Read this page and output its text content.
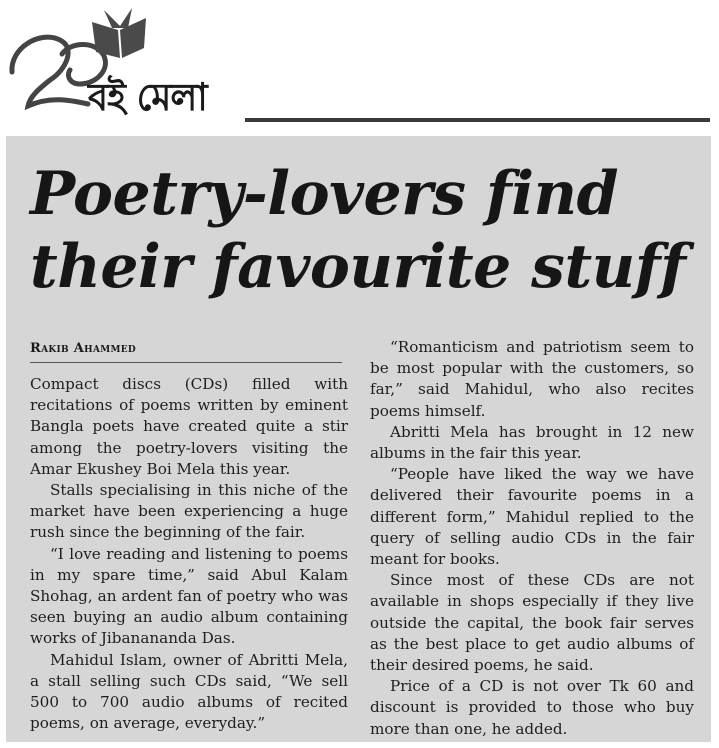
বই মেলা
Poetry-lovers find
their favourite stuff
Rakib Ahammed

Compact discs (CDs) filled with recitations of poems written by eminent Bangla poets have created quite a stir among the poetry-lovers visiting the Amar Ekushey Boi Mela this year.

Stalls specialising in this niche of the market have been experiencing a huge rush since the beginning of the fair.

“I love reading and listening to poems in my spare time,” said Abul Kalam Shohag, an ardent fan of poetry who was seen buying an audio album containing works of Jibanananda Das.

Mahidul Islam, owner of Abritti Mela, a stall selling such CDs said, “We sell 500 to 700 audio albums of recited poems, on average, everyday.”

“Romanticism and patriotism seem to be most popular with the customers, so far,” said Mahidul, who also recites poems himself.

Abritti Mela has brought in 12 new albums in the fair this year.

“People have liked the way we have delivered their favourite poems in a different form,” Mahidul replied to the query of selling audio CDs in the fair meant for books.

Since most of these CDs are not available in shops especially if they live outside the capital, the book fair serves as the best place to get audio albums of their desired poems, he said.

Price of a CD is not over Tk 60 and discount is provided to those who buy more than one, he added.
